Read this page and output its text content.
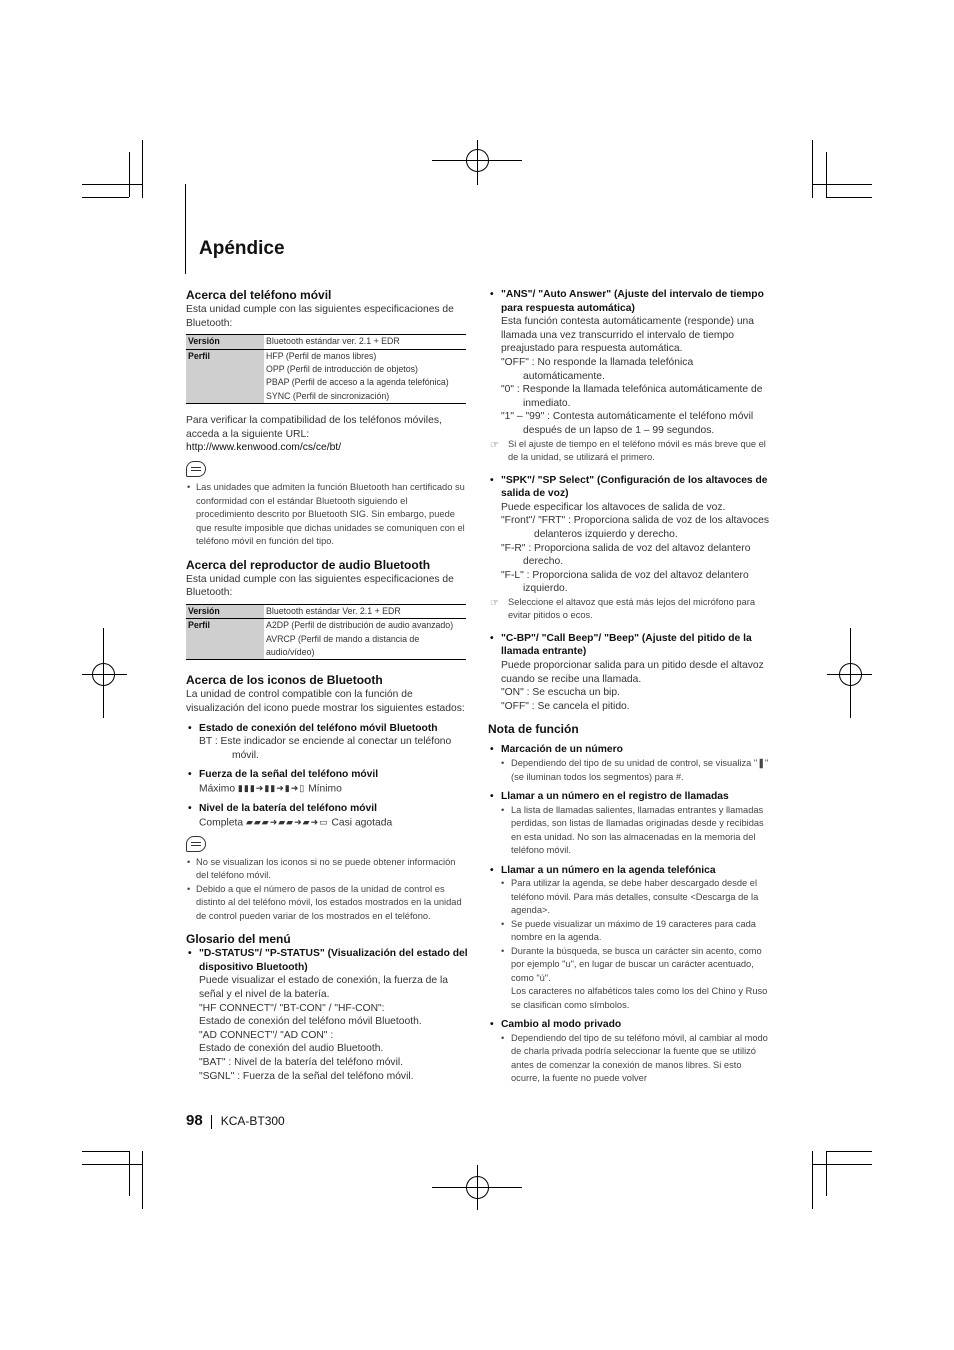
Apéndice
Acerca del teléfono móvil

Esta unidad cumple con las siguientes especificaciones de Bluetooth:

Versión	Bluetooth estándar ver. 2.1 + EDR
Perfil	HFP (Perfil de manos libres)
OPP (Perfil de introducción de objetos)
PBAP (Perfil de acceso a la agenda telefónica)
SYNC (Perfil de sincronización)

Para verificar la compatibilidad de los teléfonos móviles, acceda a la siguiente URL:

http://www.kenwood.com/cs/ce/bt/

• Las unidades que admiten la función Bluetooth han certificado su conformidad con el estándar Bluetooth siguiendo el procedimiento descrito por Bluetooth SIG. Sin embargo, puede que resulte imposible que dichas unidades se comuniquen con el teléfono móvil en función del tipo.
Acerca del reproductor de audio Bluetooth

Esta unidad cumple con las siguientes especificaciones de Bluetooth:

Versión	Bluetooth estándar Ver. 2.1 + EDR
Perfil	A2DP (Perfil de distribución de audio avanzado)
AVRCP (Perfil de mando a distancia de audio/vídeo)
Acerca de los iconos de Bluetooth

La unidad de control compatible con la función de visualización del icono puede mostrar los siguientes estados:

• Estado de conexión del teléfono móvil Bluetooth

BT : Este indicador se enciende al conectar un teléfono móvil.

• Fuerza de la señal del teléfono móvil

Máximo ▮▮▮➜▮▮➜▮➜▯ Mínimo

• Nivel de la batería del teléfono móvil

Completa ▰▰▰➜▰▰➜▰➜▭ Casi agotada

• No se visualizan los iconos si no se puede obtener información del teléfono móvil.
• Debido a que el número de pasos de la unidad de control es distinto al del teléfono móvil, los estados mostrados en la unidad de control pueden variar de los mostrados en el teléfono.
Glosario del menú
• "D-STATUS"/ "P-STATUS" (Visualización del estado del dispositivo Bluetooth)

Puede visualizar el estado de conexión, la fuerza de la señal y el nivel de la batería.

"HF CONNECT"/ "BT-CON" / "HF-CON":

Estado de conexión del teléfono móvil Bluetooth.

"AD CONNECT"/ "AD CON" :

Estado de conexión del audio Bluetooth.

"BAT" : Nivel de la batería del teléfono móvil.

"SGNL" : Fuerza de la señal del teléfono móvil.

• "ANS"/ "Auto Answer" (Ajuste del intervalo de tiempo para respuesta automática)

Esta función contesta automáticamente (responde) una llamada una vez transcurrido el intervalo de tiempo preajustado para respuesta automática.

"OFF" : No responde la llamada telefónica automáticamente.

"0" : Responde la llamada telefónica automáticamente de inmediato.

"1" – "99" : Contesta automáticamente el teléfono móvil después de un lapso de 1 – 99 segundos.

☞ Si el ajuste de tiempo en el teléfono móvil es más breve que el de la unidad, se utilizará el primero.
• "SPK"/ "SP Select" (Configuración de los altavoces de salida de voz)

Puede especificar los altavoces de salida de voz.

"Front"/ "FRT" : Proporciona salida de voz de los altavoces delanteros izquierdo y derecho.

"F-R" : Proporciona salida de voz del altavoz delantero derecho.

"F-L" : Proporciona salida de voz del altavoz delantero izquierdo.

☞ Seleccione el altavoz que está más lejos del micrófono para evitar pitidos o ecos.
• "C-BP"/ "Call Beep"/ "Beep" (Ajuste del pitido de la llamada entrante)

Puede proporcionar salida para un pitido desde el altavoz cuando se recibe una llamada.

"ON" : Se escucha un bip.

"OFF" : Se cancela el pitido.

Nota de función
• Marcación de un número
• Dependiendo del tipo de su unidad de control, se visualiza "❚" (se iluminan todos los segmentos) para #.
• Llamar a un número en el registro de llamadas
• La lista de llamadas salientes, llamadas entrantes y llamadas perdidas, son listas de llamadas originadas desde y recibidas en esta unidad. No son las almacenadas en la memoria del teléfono móvil.
• Llamar a un número en la agenda telefónica
• Para utilizar la agenda, se debe haber descargado desde el teléfono móvil. Para más detalles, consulte <Descarga de la agenda>.
• Se puede visualizar un máximo de 19 caracteres para cada nombre en la agenda.
• Durante la búsqueda, se busca un carácter sin acento, como por ejemplo "u", en lugar de buscar un carácter acentuado, como "ú".
Los caracteres no alfabéticos tales como los del Chino y Ruso se clasifican como símbolos.
• Cambio al modo privado
• Dependiendo del tipo de su teléfono móvil, al cambiar al modo de charla privada podría seleccionar la fuente que se utilizó antes de comenzar la conexión de manos libres. Si esto ocurre, la fuente no puede volver
98 KCA-BT300
